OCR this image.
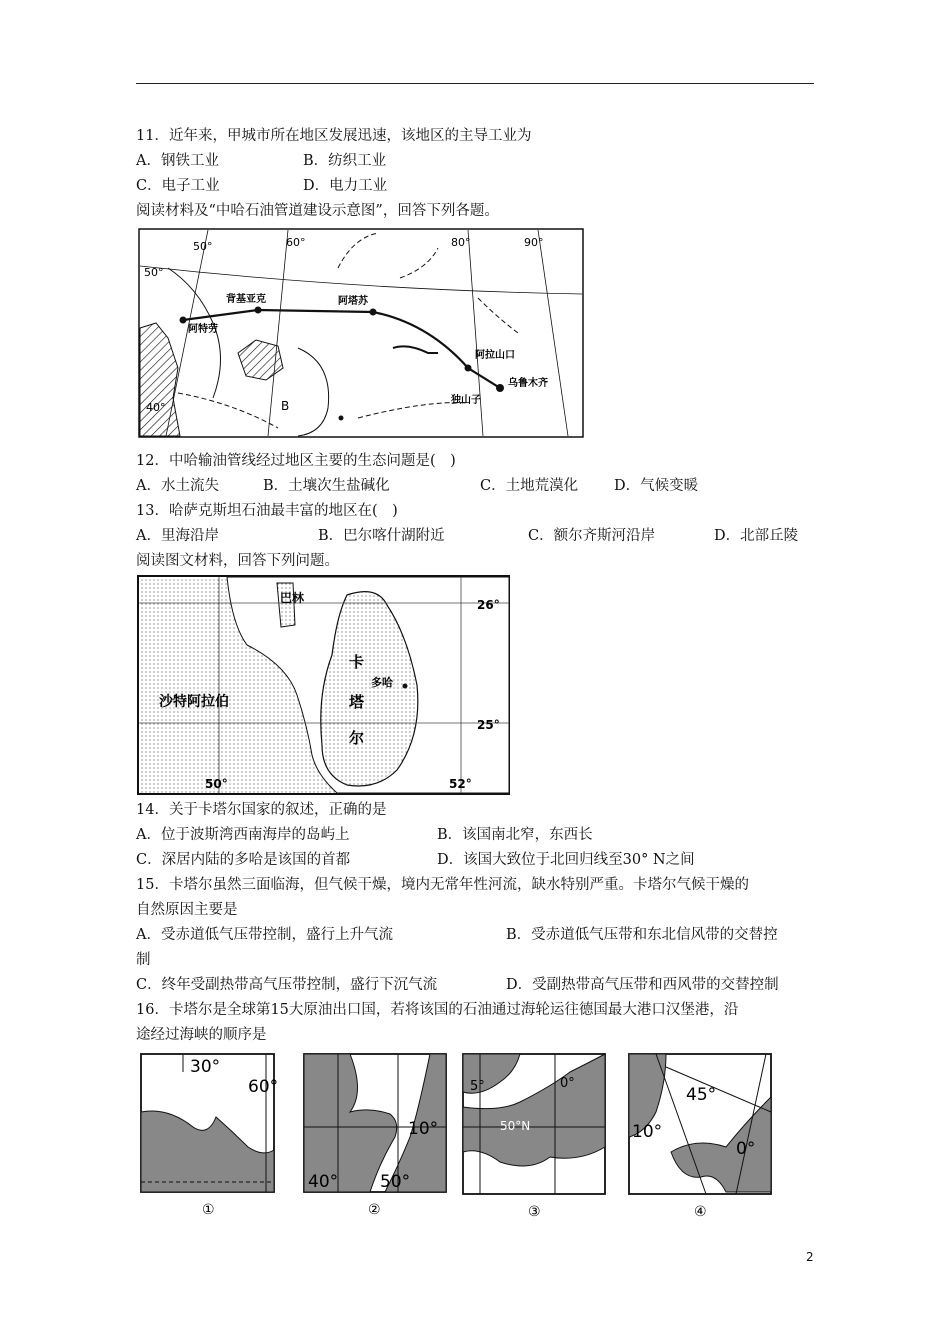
11．近年来，甲城市所在地区发展迅速，该地区的主导工业为
A．钢铁工业	B．纺织工业
C．电子工业	D．电力工业
阅读材料及“中哈石油管道建设示意图”，回答下列各题。
50°	60°	80°	90°
50°
40°
背基亚克	阿塔苏
阿特劳
阿拉山口
乌鲁木齐
独山子
B
12．中哈输油管线经过地区主要的生态问题是(　)
A．水土流失	B．土壤次生盐碱化	C．土地荒漠化 D．气候变暖
13．哈萨克斯坦石油最丰富的地区在(　)
A．里海沿岸	B．巴尔喀什湖附近	C．额尔齐斯河沿岸	D．北部丘陵
阅读图文材料，回答下列问题。
巴林
卡
塔
尔
多哈
沙特阿拉伯
26°
25°
50°	52°
14．关于卡塔尔国家的叙述，正确的是
A．位于波斯湾西南海岸的岛屿上	B．该国南北窄，东西长
C．深居内陆的多哈是该国的首都	D．该国大致位于北回归线至30° N之间
15．卡塔尔虽然三面临海，但气候干燥，境内无常年性河流，缺水特别严重。卡塔尔气候干燥的
自然原因主要是
A．受赤道低气压带控制，盛行上升气流	B．受赤道低气压带和东北信风带的交替控
制
C．终年受副热带高气压带控制，盛行下沉气流	D．受副热带高气压带和西风带的交替控制
16．卡塔尔是全球第15大原油出口国，若将该国的石油通过海轮运往德国最大港口汉堡港，沿
途经过海峡的顺序是
30°
60°
①
10°
40° 50°
②
5°	0°
50°N
③
45°
10°
0°
④
2
